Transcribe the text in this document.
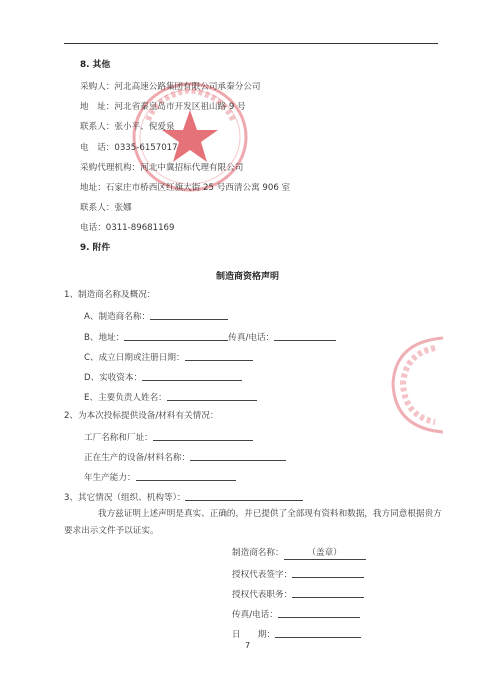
8. 其他
采购人：河北高速公路集团有限公司承秦分公司
地　址：河北省秦皇岛市开发区祖山路 9 号
联系人：张小平、倪爱泉
电　话：0335-6157017
采购代理机构：河北中冀招标代理有限公司
地址：石家庄市桥西区红旗大街 25 号西清公寓 906 室
联系人：张娜
电话：0311-89681169
9. 附件
制造商资格声明
1、制造商名称及概况：
A、制造商名称：
B、地址：	传真/电话：
C、成立日期或注册日期：
D、实收资本：
E、主要负责人姓名：
2、为本次投标提供设备/材料有关情况：
工厂名称和厂址：
正在生产的设备/材料名称：
年生产能力：
3、其它情况（组织、机构等）：
我方兹证明上述声明是真实、正确的，并已提供了全部现有资料和数据，我方同意根据贵方要求出示文件予以证实。
制造商名称：	（盖章）
授权代表签字：
授权代表职务：
传真/电话：
日　　期：
7
